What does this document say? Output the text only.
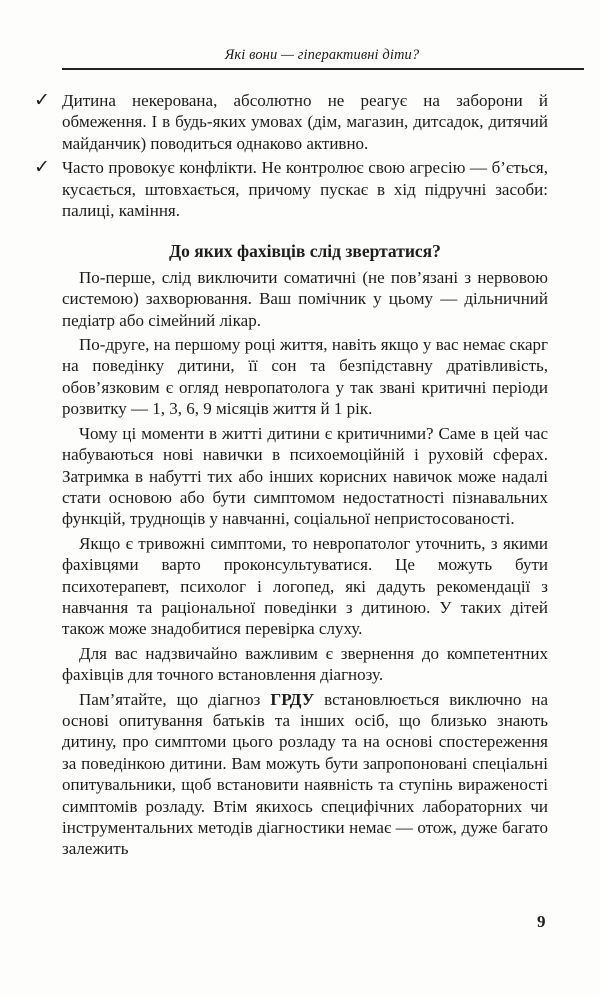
Які вони — гіперактивні діти?
✓ Дитина некерована, абсолютно не реагує на заборони й обмеження. І в будь-яких умовах (дім, магазин, дитсадок, дитячий майданчик) поводиться однаково активно.
✓ Часто провокує конфлікти. Не контролює свою агресію — б’ється, кусається, штовхається, причому пускає в хід підручні засоби: палиці, каміння.
До яких фахівців слід звертатися?

 По-перше, слід виключити соматичні (не пов’язані з нервовою системою) захворювання. Ваш помічник у цьому — дільничний педіатр або сімейний лікар.

 По-друге, на першому році життя, навіть якщо у вас немає скарг на поведінку дитини, її сон та безпідставну дратівливість, обов’язковим є огляд невропатолога у так звані критичні періоди розвитку — 1, 3, 6, 9 місяців життя й 1 рік.

 Чому ці моменти в житті дитини є критичними? Саме в цей час набуваються нові навички в психоемоційній і руховій сферах. Затримка в набутті тих або інших корисних навичок може надалі стати основою або бути симптомом недостатності пізнавальних функцій, труднощів у навчанні, соціальної непристосованості.

 Якщо є тривожні симптоми, то невропатолог уточнить, з якими фахівцями варто проконсультуватися. Це можуть бути психотерапевт, психолог і логопед, які дадуть рекомендації з навчання та раціональної поведінки з дитиною. У таких дітей також може знадобитися перевірка слуху.

 Для вас надзвичайно важливим є звернення до компетентних фахівців для точного встановлення діагнозу.

 Пам’ятайте, що діагноз ГРДУ встановлюється виключно на основі опитування батьків та інших осіб, що близько знають дитину, про симптоми цього розладу та на основі спостереження за поведінкою дитини. Вам можуть бути запропоновані спеціальні опитувальники, щоб встановити наявність та ступінь вираженості симптомів розладу. Втім якихось специфічних лабораторних чи інструментальних методів діагностики немає — отож, дуже багато залежить

9
